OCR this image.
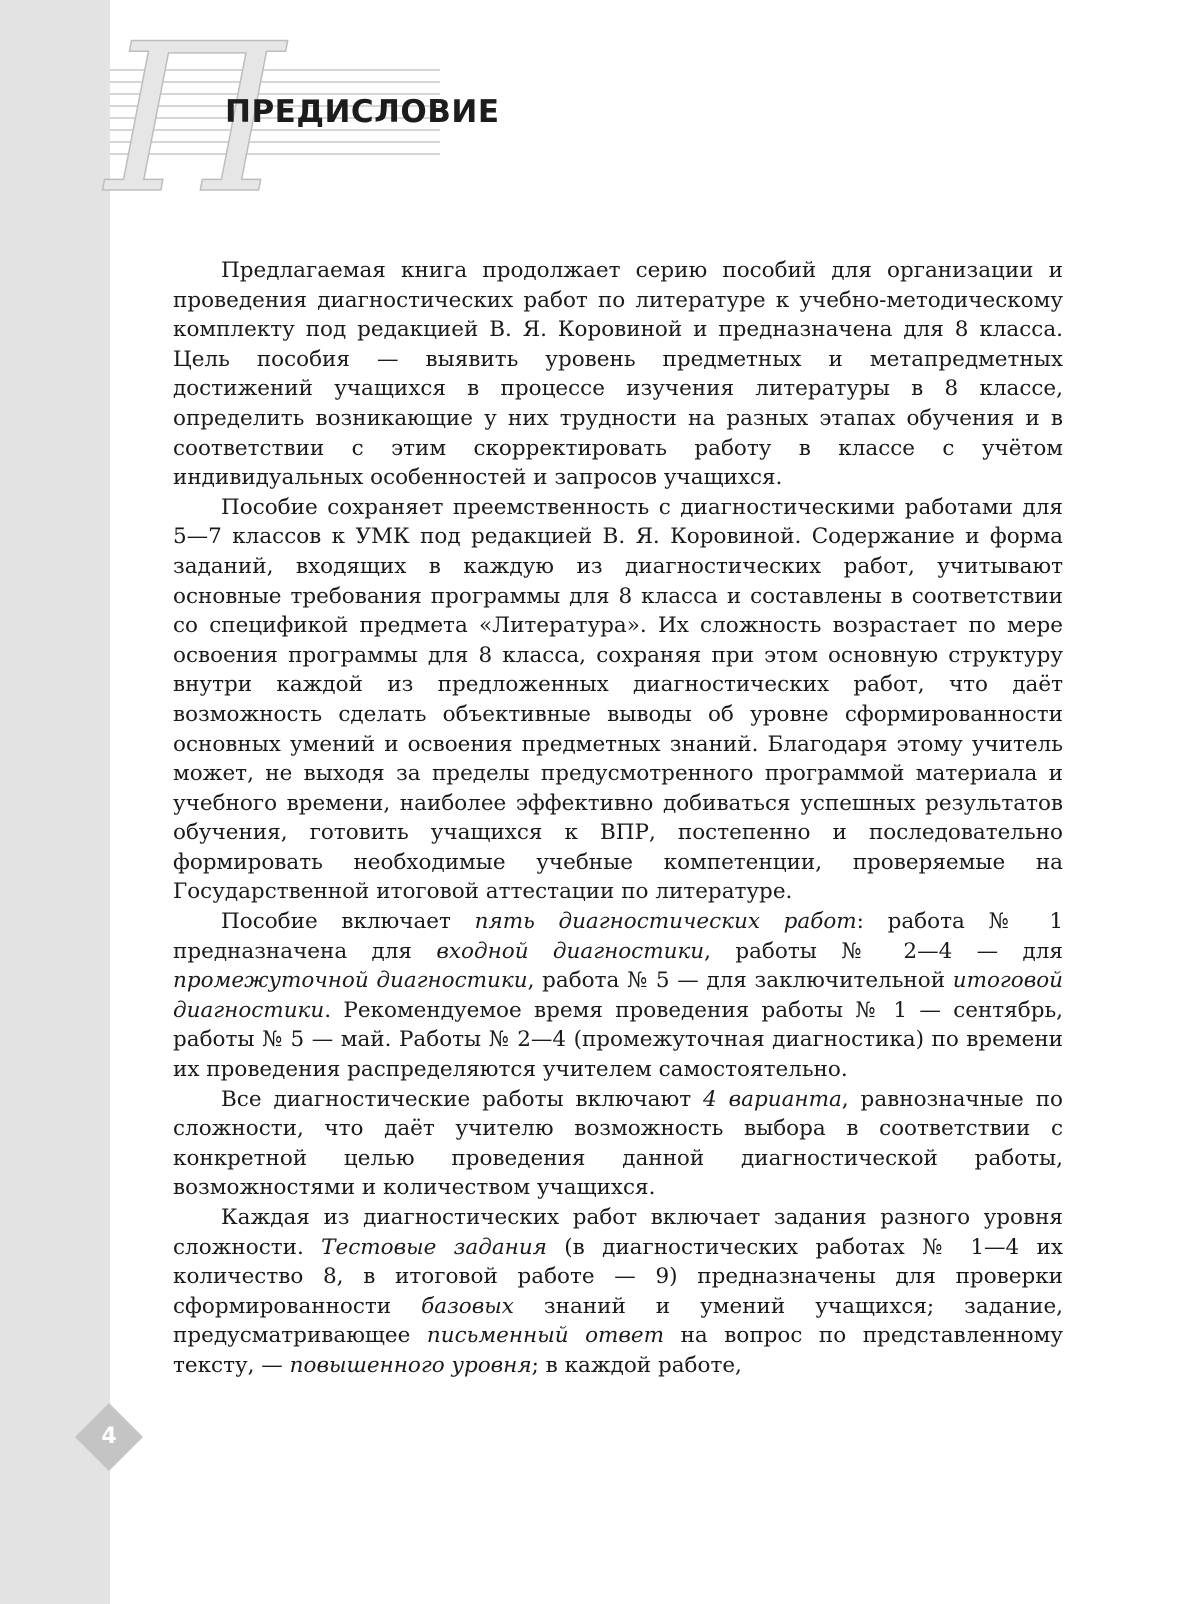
П
ПРЕДИСЛОВИЕ

Предлагаемая книга продолжает серию пособий для организации и проведения диагностических работ по литературе к учебно-методическому комплекту под редакцией В. Я. Коровиной и предназначена для 8 класса. Цель пособия — выявить уровень предметных и метапредметных достижений учащихся в процессе изучения литературы в 8 классе, определить возникающие у них трудности на разных этапах обучения и в соответствии с этим скорректировать работу в классе с учётом индивидуальных особенностей и запросов учащихся.

Пособие сохраняет преемственность с диагностическими работами для 5—7 классов к УМК под редакцией В. Я. Коровиной. Содержание и форма заданий, входящих в каждую из диагностических работ, учитывают основные требования программы для 8 класса и составлены в соответствии со спецификой предмета «Литература». Их сложность возрастает по мере освоения программы для 8 класса, сохраняя при этом основную структуру внутри каждой из предложенных диагностических работ, что даёт возможность сделать объективные выводы об уровне сформированности основных умений и освоения предметных знаний. Благодаря этому учитель может, не выходя за пределы предусмотренного программой материала и учебного времени, наиболее эффективно добиваться успешных результатов обучения, готовить учащихся к ВПР, постепенно и последовательно формировать необходимые учебные компетенции, проверяемые на Государственной итоговой аттестации по литературе.

Пособие включает пять диагностических работ: работа № 1 предназначена для входной диагностики, работы № 2—4 — для промежуточной диагностики, работа № 5 — для заключительной итоговой диагностики. Рекомендуемое время проведения работы № 1 — сентябрь, работы № 5 — май. Работы № 2—4 (промежуточная диагностика) по времени их проведения распределяются учителем самостоятельно.

Все диагностические работы включают 4 варианта, равнозначные по сложности, что даёт учителю возможность выбора в соответствии с конкретной целью проведения данной диагностической работы, возможностями и количеством учащихся.

Каждая из диагностических работ включает задания разного уровня сложности. Тестовые задания (в диагностических работах № 1—4 их количество 8, в итоговой работе — 9) предназначены для проверки сформированности базовых знаний и умений учащихся; задание, предусматривающее письменный ответ на вопрос по представленному тексту, — повышенного уровня; в каждой работе,

4
